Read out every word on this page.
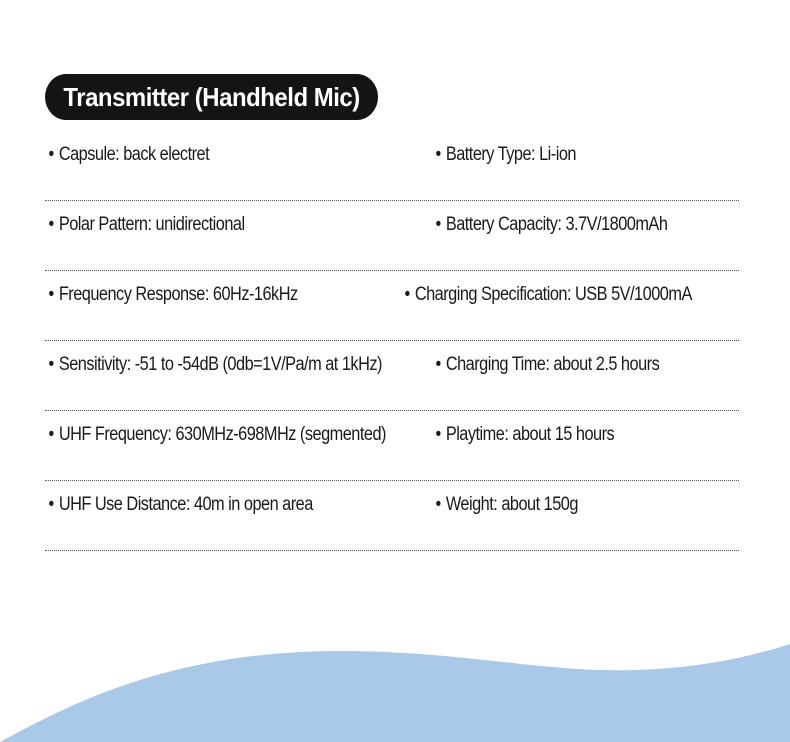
Transmitter (Handheld Mic)
• Capsule: back electret	• Battery Type: Li-ion
• Polar Pattern: unidirectional	• Battery Capacity: 3.7V/1800mAh
• Frequency Response: 60Hz-16kHz	• Charging Specification: USB 5V/1000mA
• Sensitivity: -51 to -54dB (0db=1V/Pa/m at 1kHz)	• Charging Time: about 2.5 hours
• UHF Frequency: 630MHz-698MHz (segmented)	• Playtime: about 15 hours
• UHF Use Distance: 40m in open area	• Weight: about 150g
